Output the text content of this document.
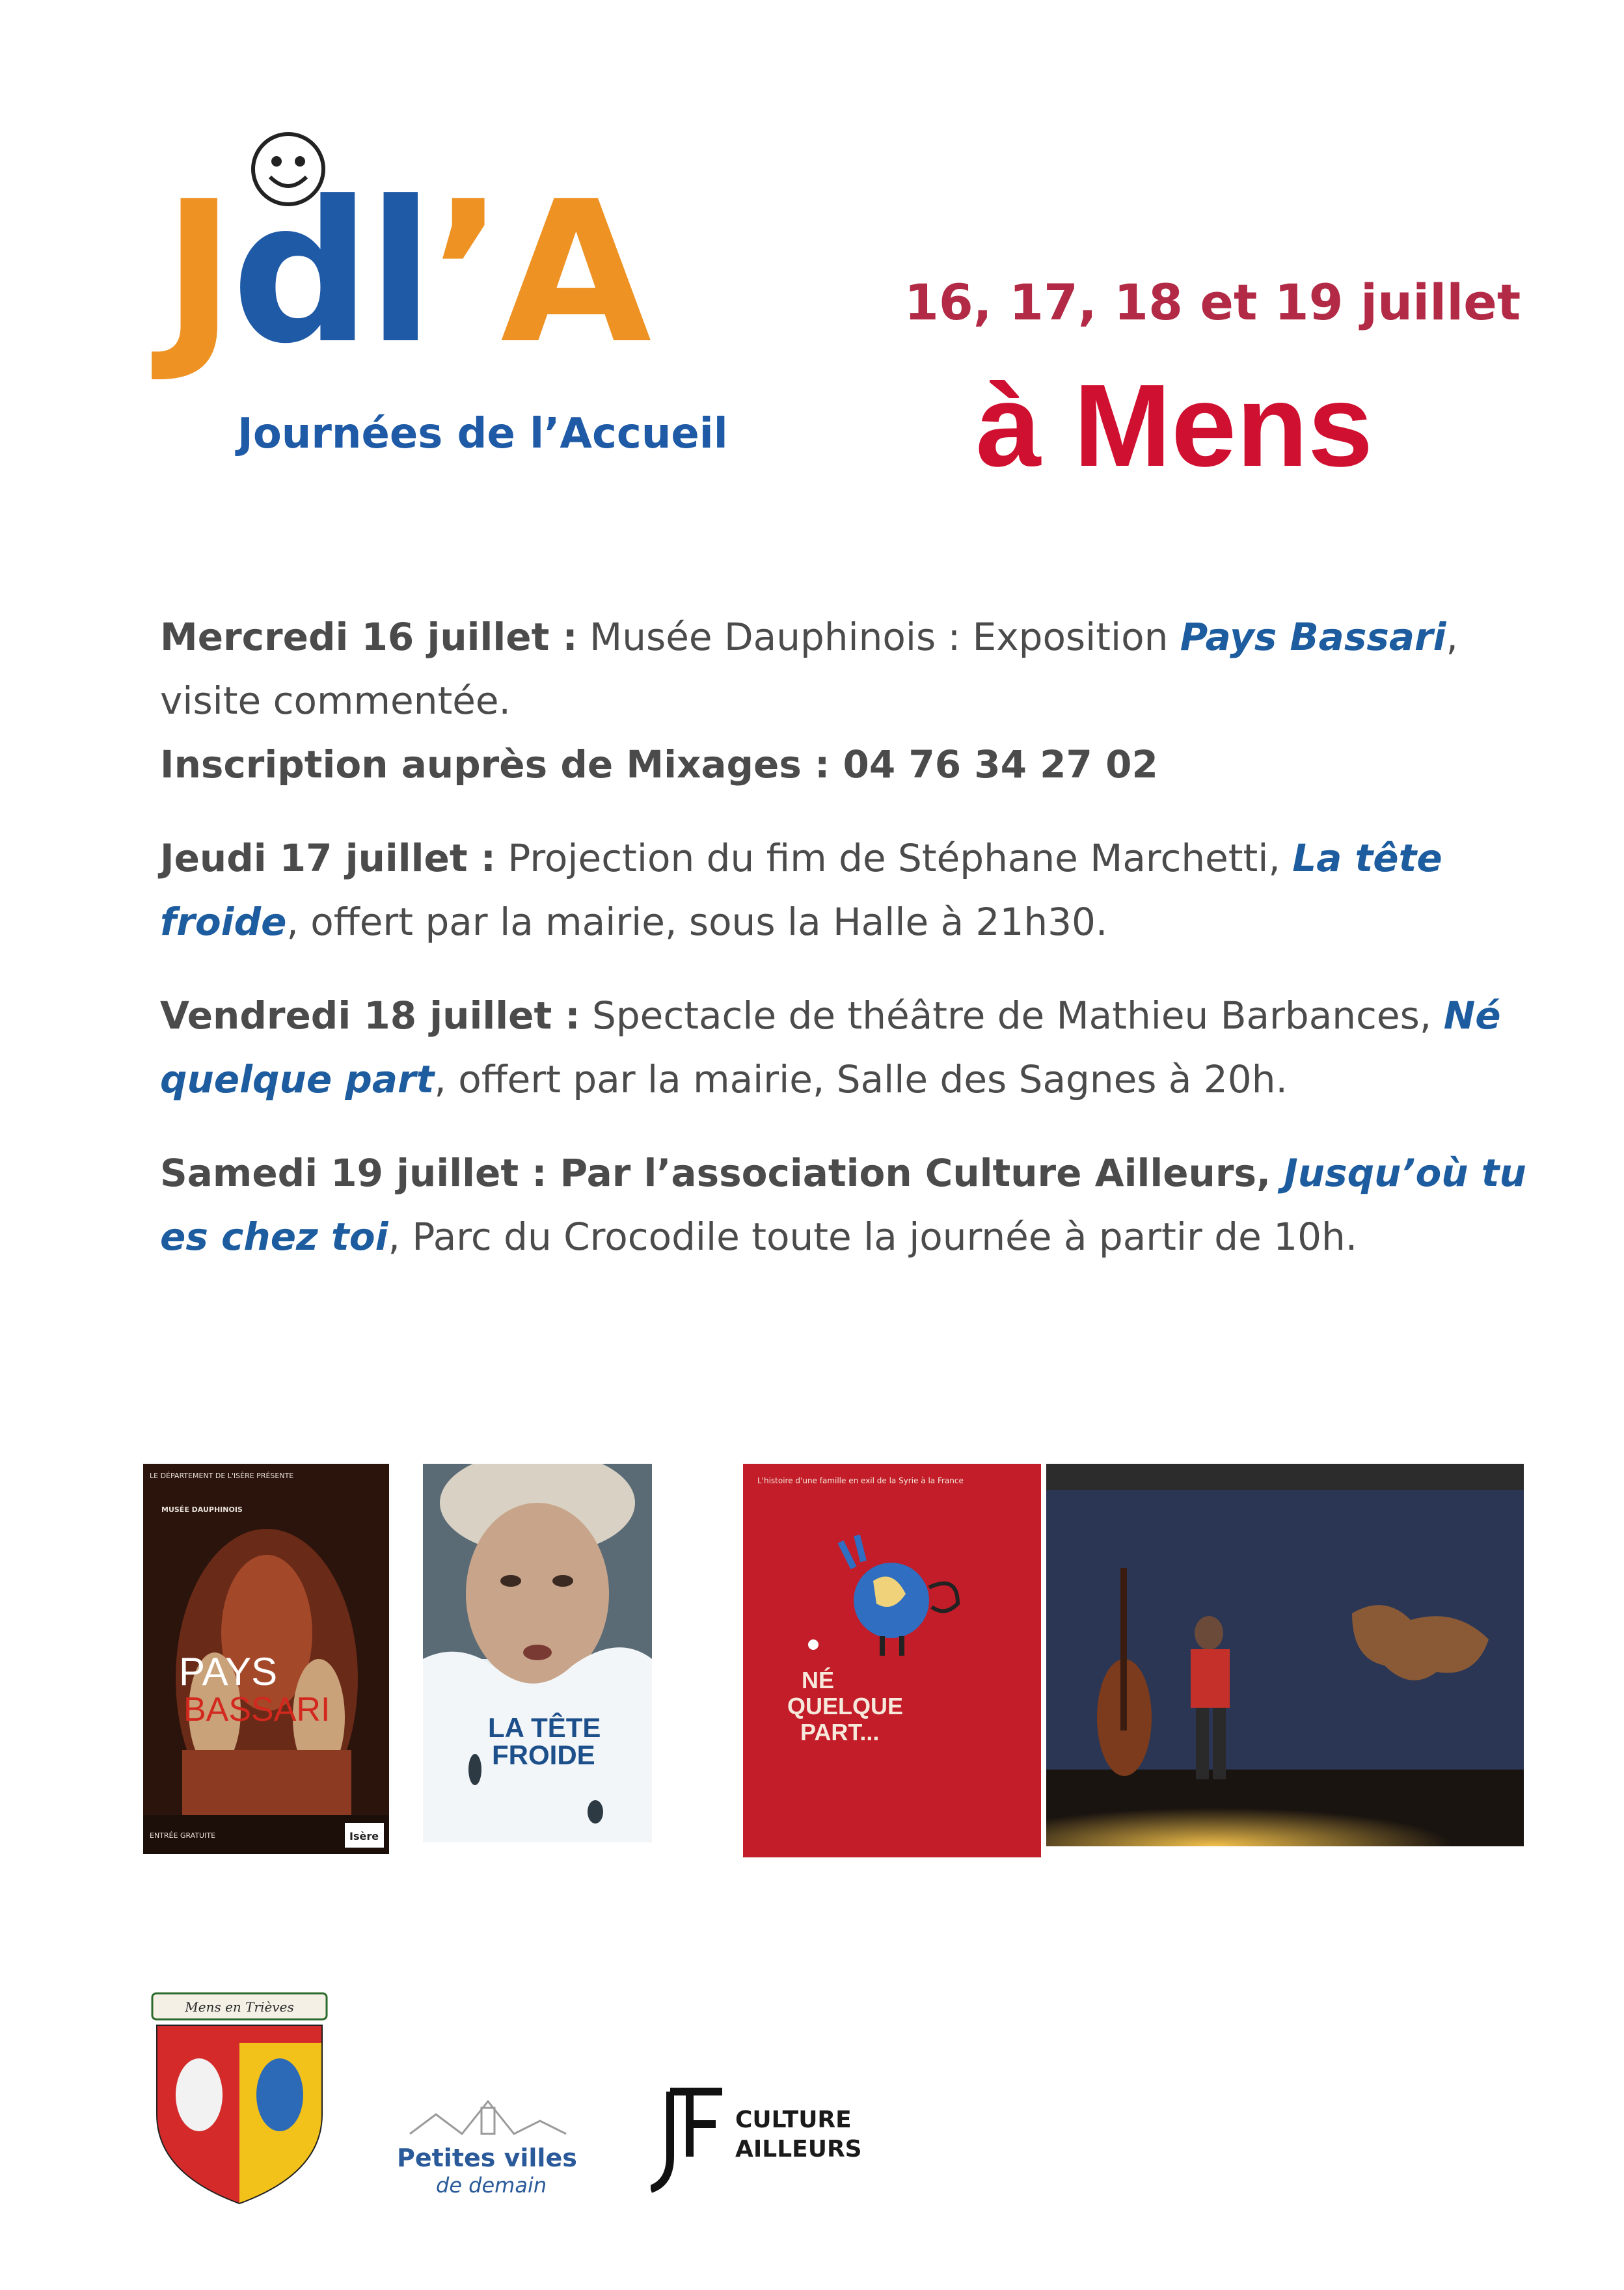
Jdl’A
Journées de l’Accueil
16, 17, 18 et 19 juillet
à Mens

Mercredi 16 juillet : Musée Dauphinois : Exposition Pays Bassari, visite commentée.
Inscription auprès de Mixages : 04 76 34 27 02

Jeudi 17 juillet : Projection du fim de Stéphane Marchetti, La tête froide, offert par la mairie, sous la Halle à 21h30.

Vendredi 18 juillet : Spectacle de théâtre de Mathieu Barbances, Né quelque part, offert par la mairie, Salle des Sagnes à 20h.

Samedi 19 juillet : Par l’association Culture Ailleurs, Jusqu’où tu es chez toi, Parc du Crocodile toute la journée à partir de 10h.

LE DÉPARTEMENT DE L'ISÈRE PRÉSENTE
MUSÉE DAUPHINOIS
PAYS
BASSARI
ENTRÉE GRATUITE	Isère
LA TÊTE
FROIDE
L'histoire d'une famille en exil de la Syrie à la France
NÉ
QUELQUE
PART...
Mens en Trièves
Petites villes
de demain
CULTURE
AILLEURS
